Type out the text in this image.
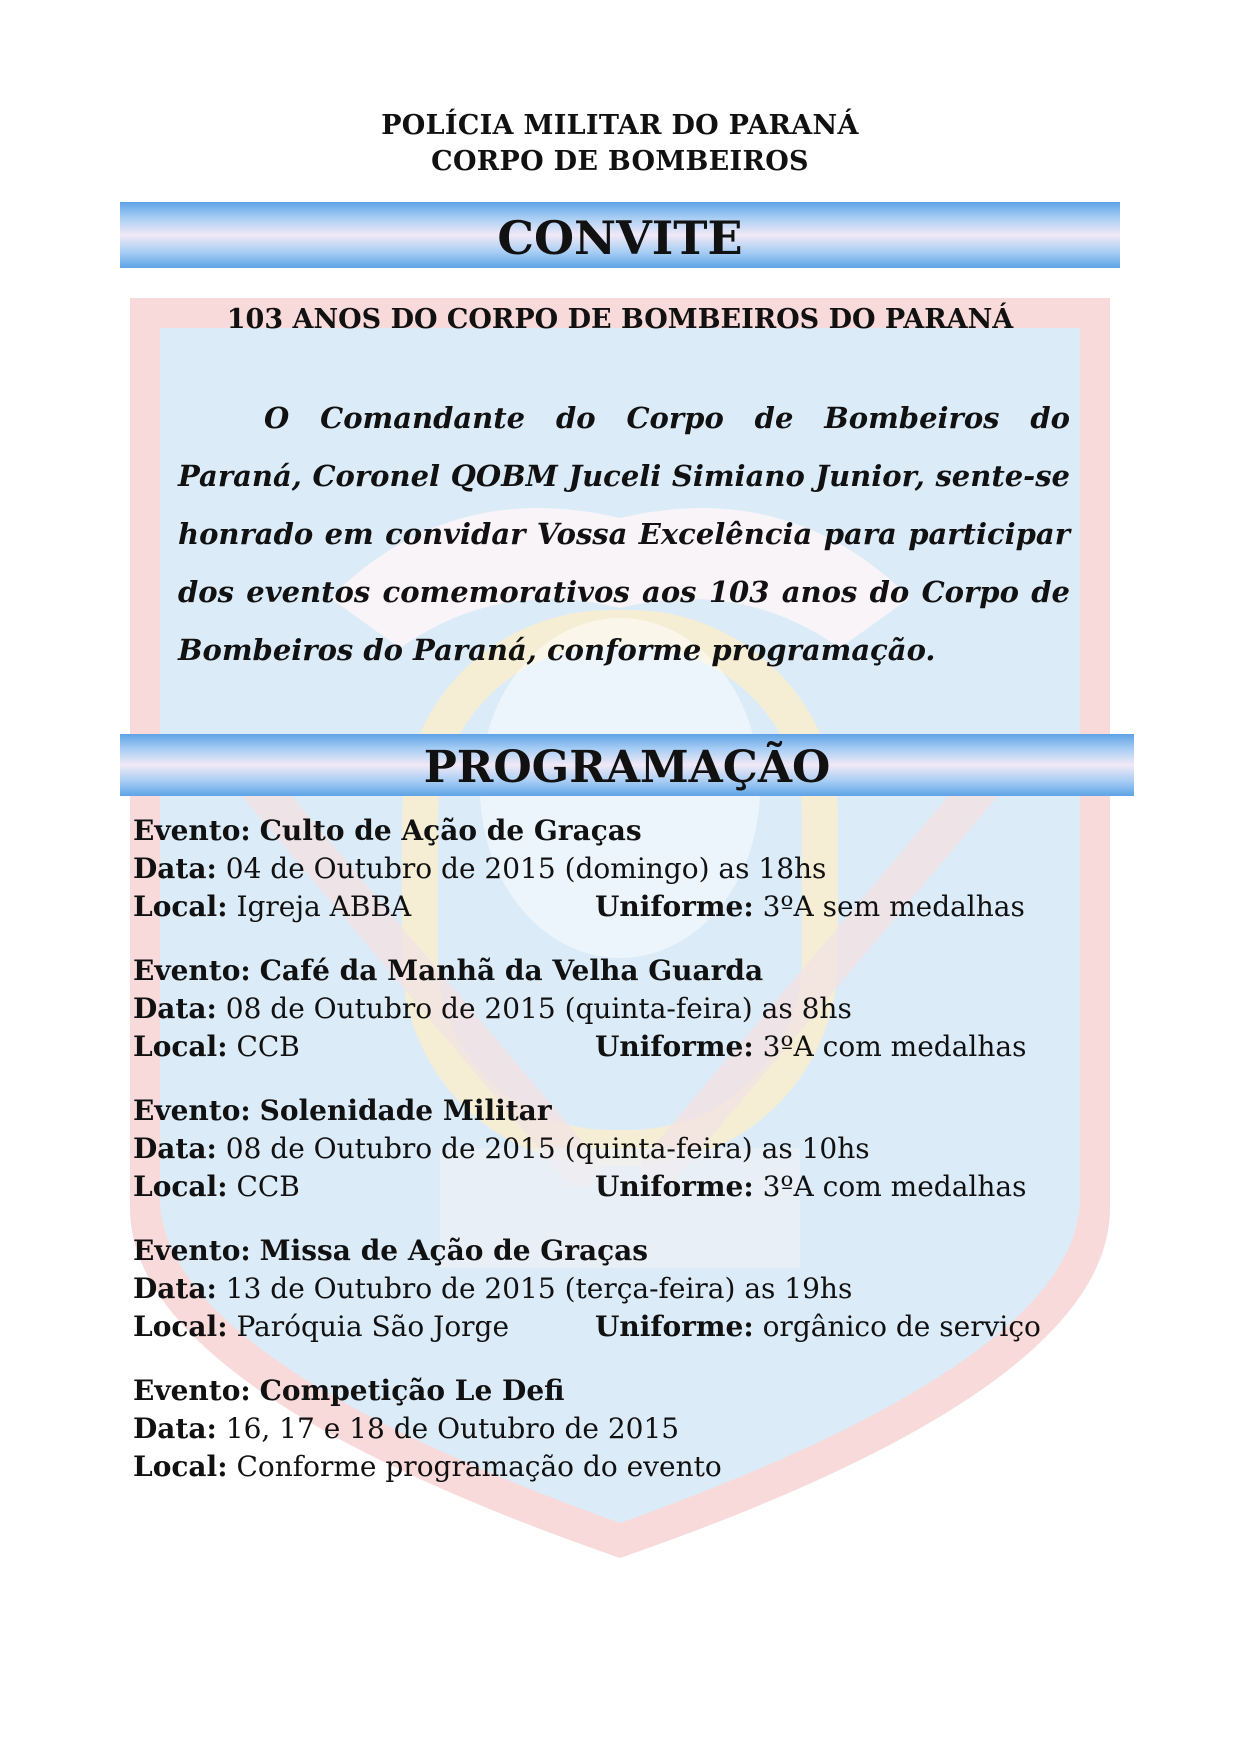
POLÍCIA MILITAR DO PARANÁ
CORPO DE BOMBEIROS
CONVITE
103 ANOS DO CORPO DE BOMBEIROS DO PARANÁ

O Comandante do Corpo de Bombeiros do Paraná, Coronel QOBM Juceli Simiano Junior, sente-se honrado em convidar Vossa Excelência para participar dos eventos comemorativos aos 103 anos do Corpo de Bombeiros do Paraná, conforme programação.

PROGRAMAÇÃO
Evento: Culto de Ação de Graças
Data: 04 de Outubro de 2015 (domingo) as 18hs
Local: Igreja ABBA	Uniforme: 3ºA sem medalhas
Evento: Café da Manhã da Velha Guarda
Data: 08 de Outubro de 2015 (quinta-feira) as 8hs
Local: CCB	Uniforme: 3ºA com medalhas
Evento: Solenidade Militar
Data: 08 de Outubro de 2015 (quinta-feira) as 10hs
Local: CCB	Uniforme: 3ºA com medalhas
Evento: Missa de Ação de Graças
Data: 13 de Outubro de 2015 (terça-feira) as 19hs
Local: Paróquia São Jorge	Uniforme: orgânico de serviço
Evento: Competição Le Defi
Data: 16, 17 e 18 de Outubro de 2015
Local: Conforme programação do evento
